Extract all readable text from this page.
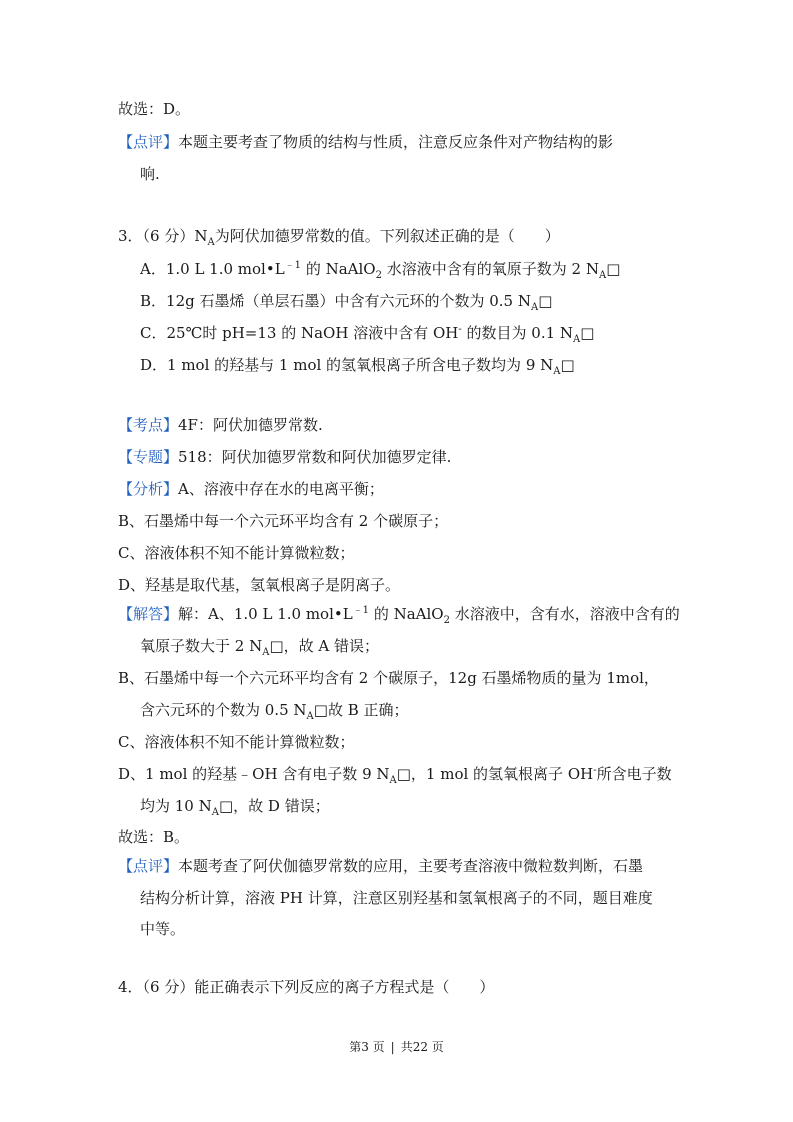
故选：D。
【点评】本题主要考查了物质的结构与性质，注意反应条件对产物结构的影
响.
3．（6 分）$N_A$为阿伏加德罗常数的值。下列叙述正确的是（　　）
A．1.0 L 1.0 $mol•L^{﹣1}$ 的 NaAlO$_2$ 水溶液中含有的氧原子数为 2 $N_A□$
B．12g 石墨烯（单层石墨）中含有六元环的个数为 0.5 $N_A□$
C．25℃时 pH=13 的 NaOH 溶液中含有 OH- 的数目为 0.1 $N_A□$
D．1 mol 的羟基与 1 mol 的氢氧根离子所含电子数均为 9 $N_A□$
【考点】4F：阿伏加德罗常数.
【专题】518：阿伏加德罗常数和阿伏加德罗定律.
【分析】A、溶液中存在水的电离平衡；
B、石墨烯中每一个六元环平均含有 2 个碳原子；
C、溶液体积不知不能计算微粒数；
D、羟基是取代基，氢氧根离子是阴离子。
【解答】解：A、1.0 L 1.0 $mol•L^{﹣1}$ 的 NaAlO$_2$ 水溶液中，含有水，溶液中含有的
氧原子数大于 2 $N_A□$，故 A 错误；
B、石墨烯中每一个六元环平均含有 2 个碳原子，12g 石墨烯物质的量为 1mol，
含六元环的个数为 0.5 $N_A□$故 B 正确；
C、溶液体积不知不能计算微粒数；
D、1 mol 的羟基﹣OH 含有电子数 9 $N_A□$，1 mol 的氢氧根离子 OH-所含电子数
均为 10 $N_A□$，故 D 错误；
故选：B。
【点评】本题考查了阿伏伽德罗常数的应用，主要考查溶液中微粒数判断，石墨
结构分析计算，溶液 PH 计算，注意区别羟基和氢氧根离子的不同，题目难度
中等。
4．（6 分）能正确表示下列反应的离子方程式是（　　）
第3 页 | 共22 页
